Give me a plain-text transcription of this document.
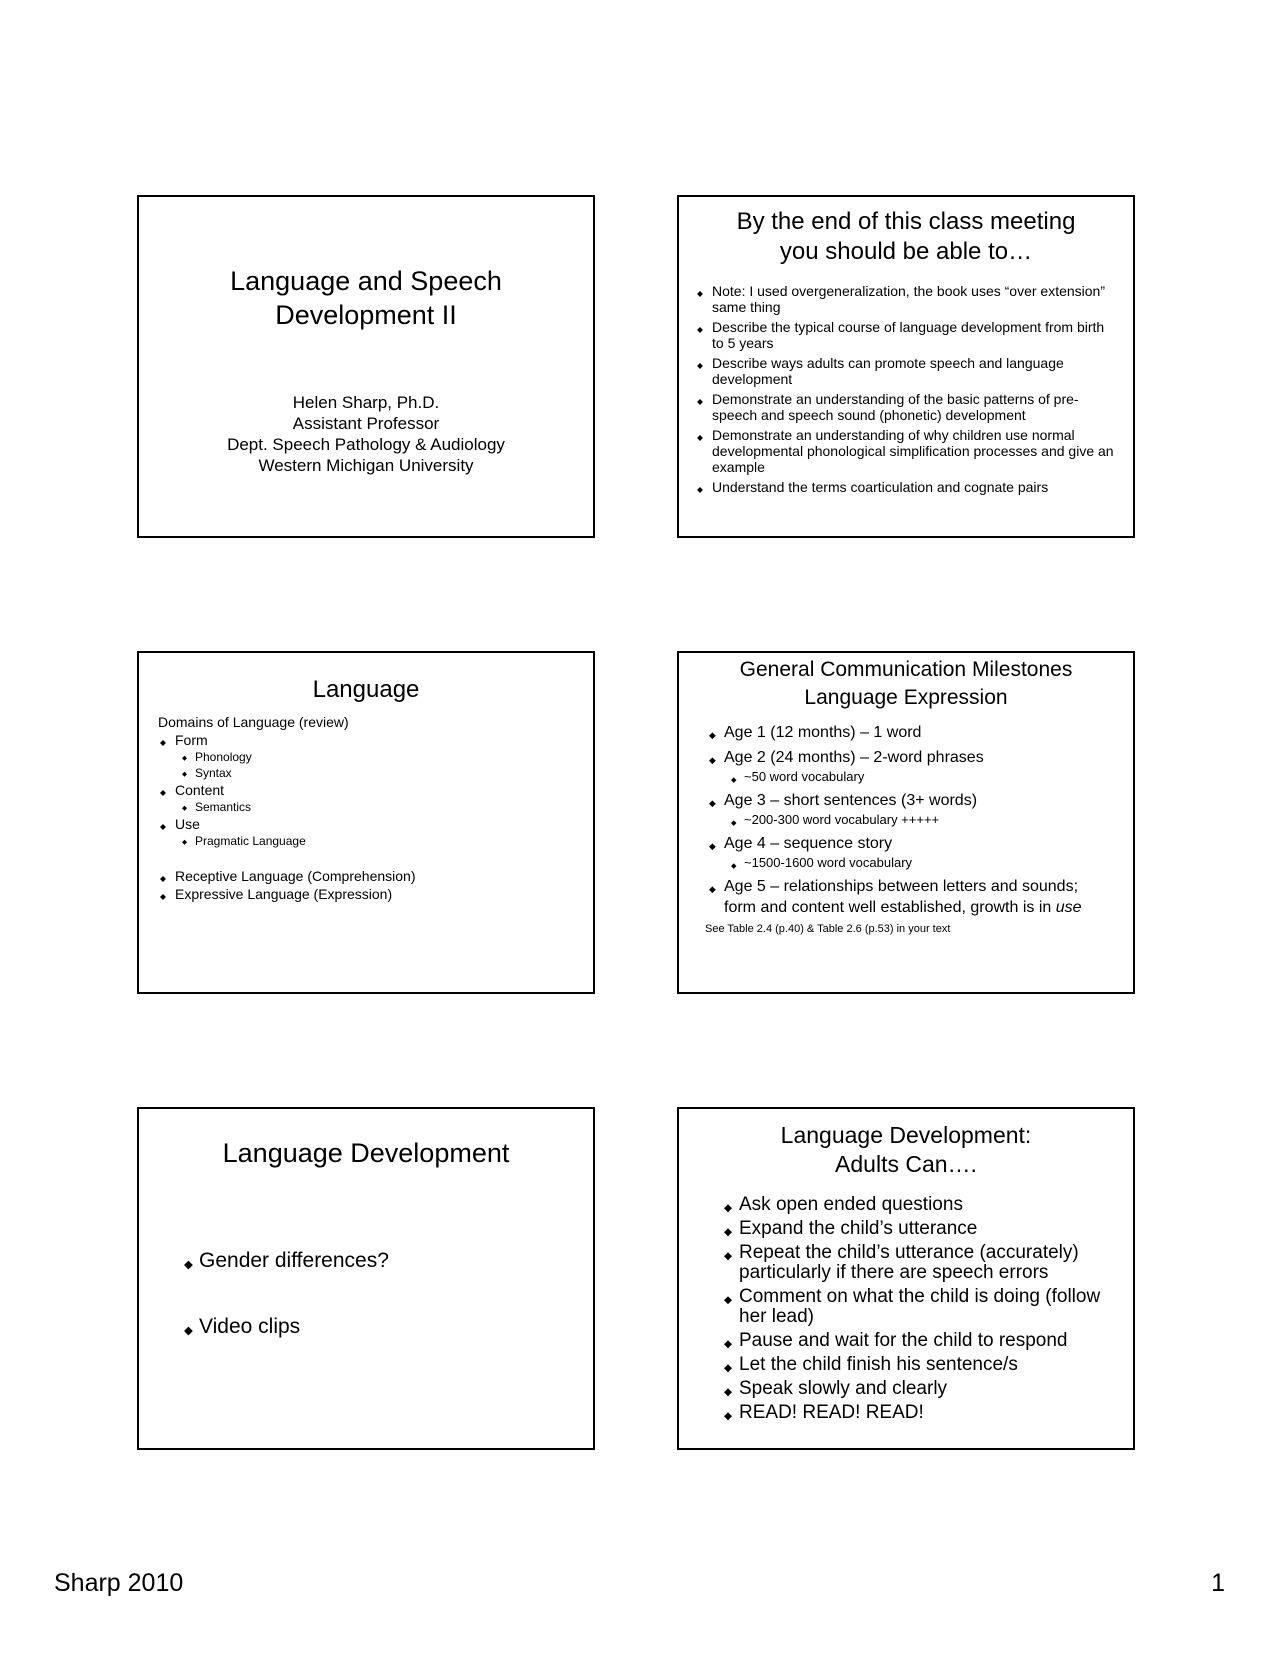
Language and Speech
Development II
Helen Sharp, Ph.D.
Assistant Professor
Dept. Speech Pathology & Audiology
Western Michigan University
By the end of this class meeting
you should be able to…
◆ Note: I used overgeneralization, the book uses “over extension” same thing
◆ Describe the typical course of language development from birth to 5 years
◆ Describe ways adults can promote speech and language development
◆ Demonstrate an understanding of the basic patterns of pre-speech and speech sound (phonetic) development
◆ Demonstrate an understanding of why children use normal developmental phonological simplification processes and give an example
◆ Understand the terms coarticulation and cognate pairs
Language
Domains of Language (review)
◆ Form
◆ Phonology
◆ Syntax
◆ Content
◆ Semantics
◆ Use
◆ Pragmatic Language
◆ Receptive Language (Comprehension)
◆ Expressive Language (Expression)
General Communication Milestones
Language Expression
◆ Age 1 (12 months) – 1 word
◆ Age 2 (24 months) – 2-word phrases
◆ ~50 word vocabulary
◆ Age 3 – short sentences (3+ words)
◆ ~200-300 word vocabulary +++++
◆ Age 4 – sequence story
◆ ~1500-1600 word vocabulary
◆ Age 5 – relationships between letters and sounds; form and content well established, growth is in use
See Table 2.4 (p.40) & Table 2.6 (p.53) in your text
Language Development
◆ Gender differences?
◆ Video clips
Language Development:
Adults Can….
◆ Ask open ended questions
◆ Expand the child’s utterance
◆ Repeat the child’s utterance (accurately) particularly if there are speech errors
◆ Comment on what the child is doing (follow her lead)
◆ Pause and wait for the child to respond
◆ Let the child finish his sentence/s
◆ Speak slowly and clearly
◆ READ! READ! READ!
Sharp 2010	1
